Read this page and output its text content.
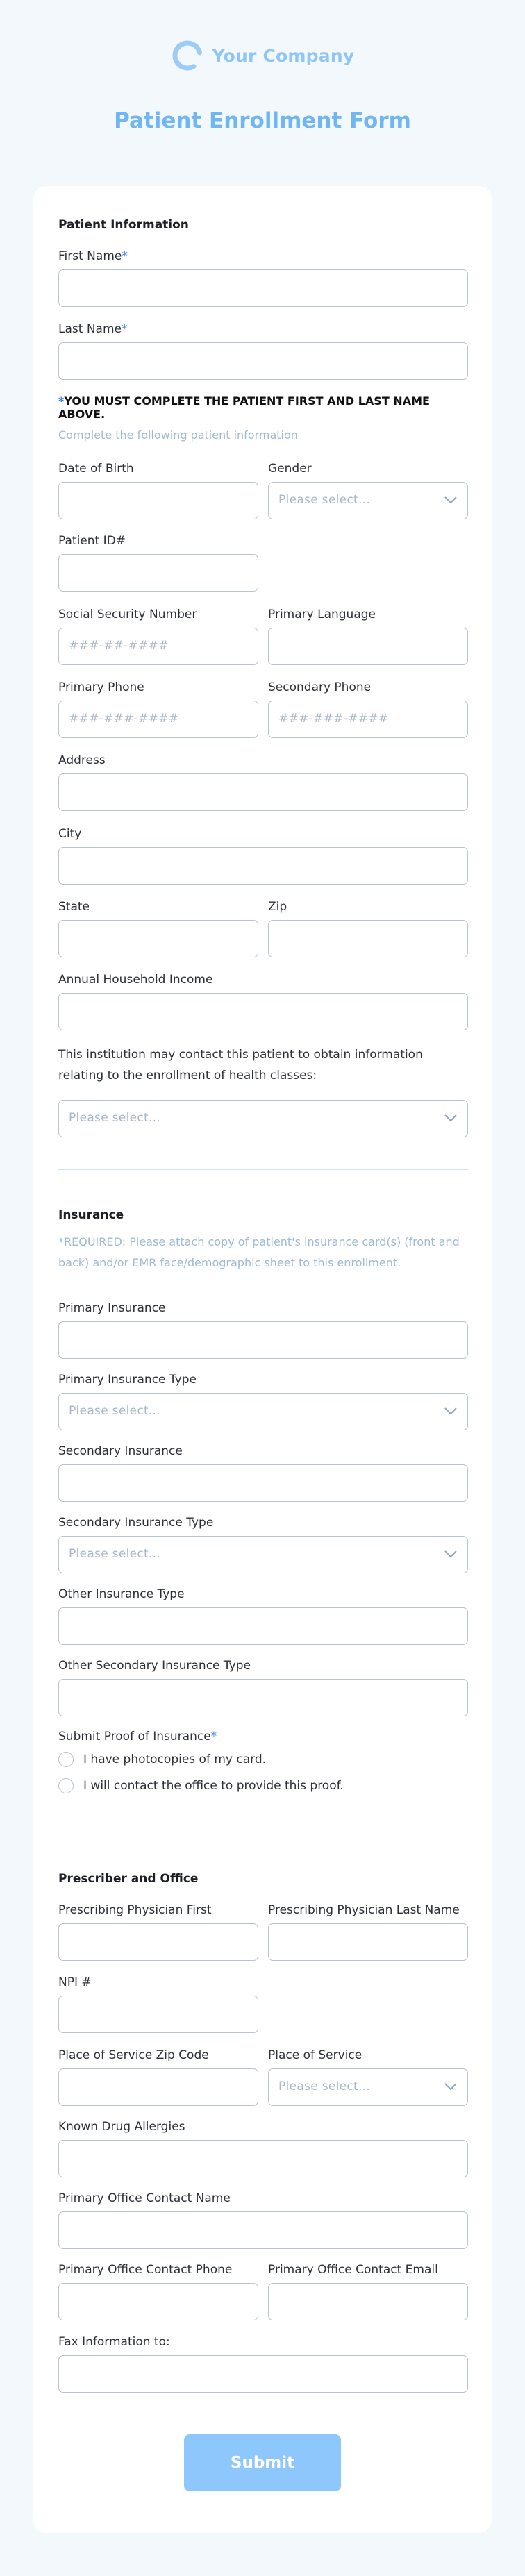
Your Company
Patient Enrollment Form

Patient Information

First Name*
Last Name*
*YOU MUST COMPLETE THE PATIENT FIRST AND LAST NAME ABOVE.
Complete the following patient information
Date of Birth	Gender
Please select...
Patient ID#
Social Security Number
###-##-####
Primary Language
Primary Phone
###-###-####
Secondary Phone
###-###-####
Address
City
State	Zip
Annual Household Income
This institution may contact this patient to obtain information relating to the enrollment of health classes:
Please select...

Insurance

*REQUIRED: Please attach copy of patient's insurance card(s) (front and back) and/or EMR face/demographic sheet to this enrollment.
Primary Insurance
Primary Insurance Type
Please select...
Secondary Insurance
Secondary Insurance Type
Please select...
Other Insurance Type
Other Secondary Insurance Type
Submit Proof of Insurance*
I have photocopies of my card.
I will contact the office to provide this proof.

Prescriber and Office

Prescribing Physician First	Prescribing Physician Last Name
NPI #
Place of Service Zip Code	Place of Service
Please select...
Known Drug Allergies
Primary Office Contact Name
Primary Office Contact Phone	Primary Office Contact Email
Fax Information to:
Submit
